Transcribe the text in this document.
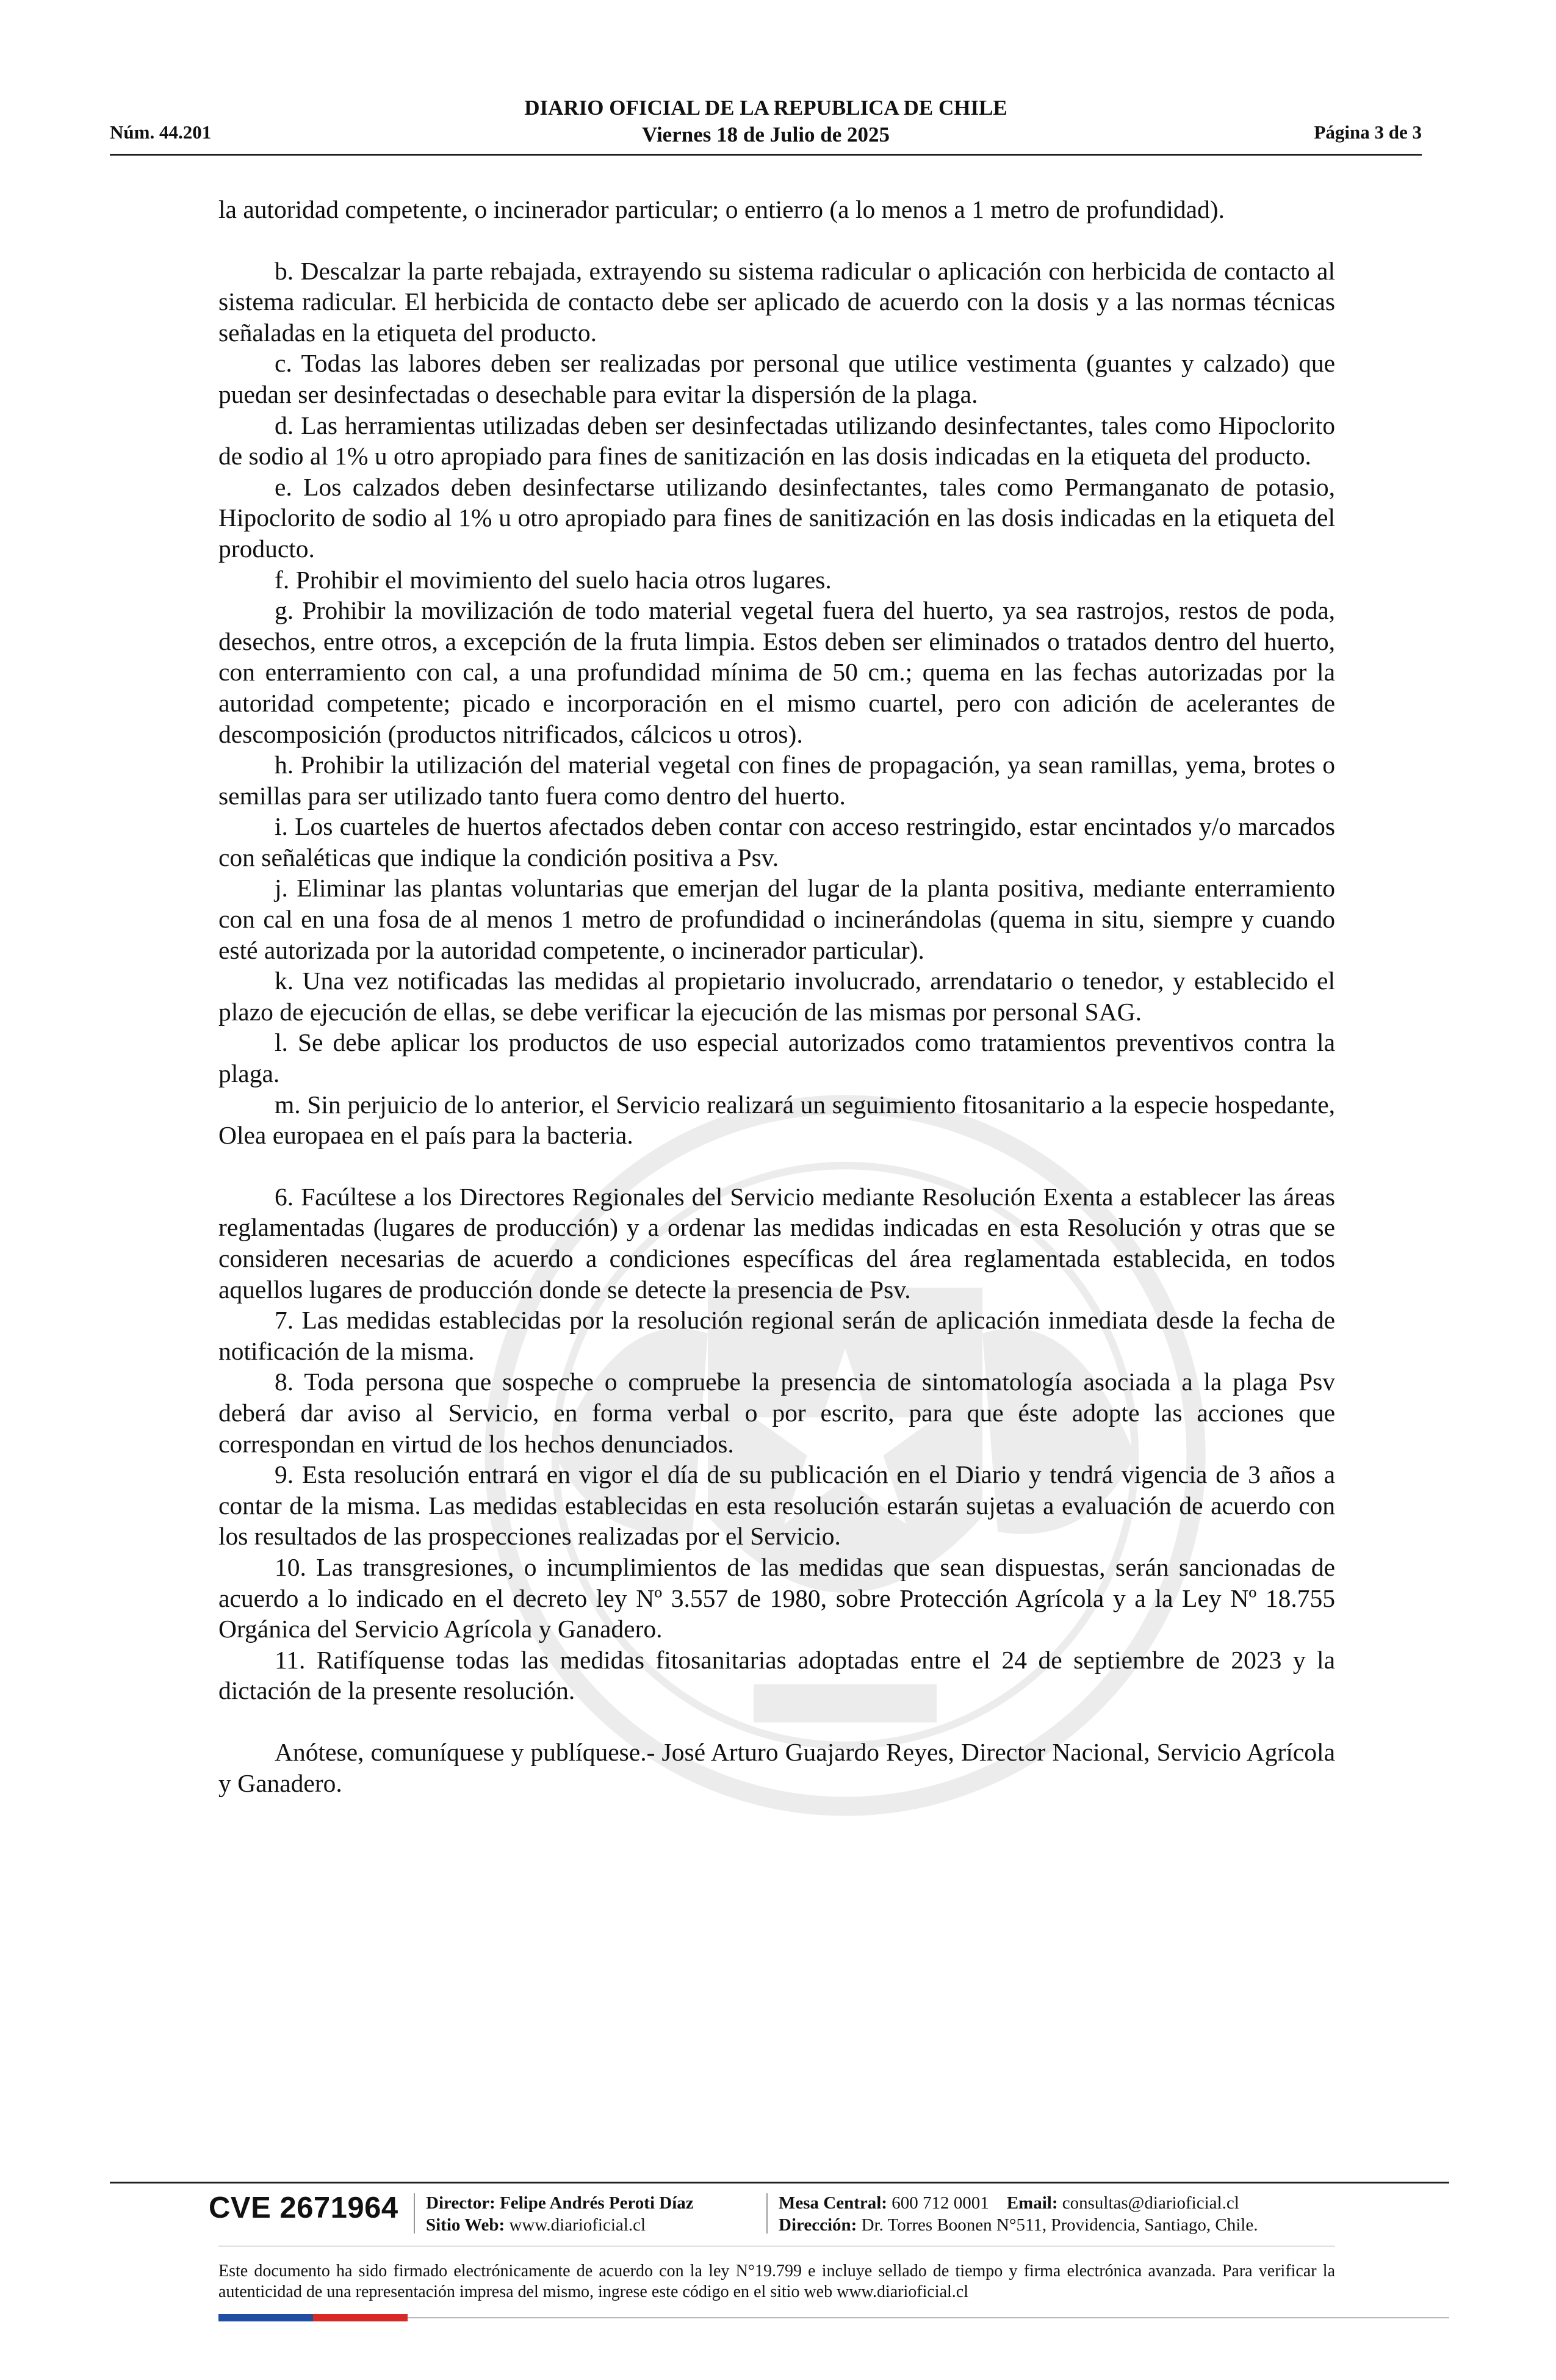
Núm. 44.201
DIARIO OFICIAL DE LA REPUBLICA DE CHILE
Viernes 18 de Julio de 2025	Página 3 de 3

la autoridad competente, o incinerador particular; o entierro (a lo menos a 1 metro de profundidad).

b. Descalzar la parte rebajada, extrayendo su sistema radicular o aplicación con herbicida de contacto al sistema radicular. El herbicida de contacto debe ser aplicado de acuerdo con la dosis y a las normas técnicas señaladas en la etiqueta del producto.

c. Todas las labores deben ser realizadas por personal que utilice vestimenta (guantes y calzado) que puedan ser desinfectadas o desechable para evitar la dispersión de la plaga.

d. Las herramientas utilizadas deben ser desinfectadas utilizando desinfectantes, tales como Hipoclorito de sodio al 1% u otro apropiado para fines de sanitización en las dosis indicadas en la etiqueta del producto.

e. Los calzados deben desinfectarse utilizando desinfectantes, tales como Permanganato de potasio, Hipoclorito de sodio al 1% u otro apropiado para fines de sanitización en las dosis indicadas en la etiqueta del producto.

f. Prohibir el movimiento del suelo hacia otros lugares.

g. Prohibir la movilización de todo material vegetal fuera del huerto, ya sea rastrojos, restos de poda, desechos, entre otros, a excepción de la fruta limpia. Estos deben ser eliminados o tratados dentro del huerto, con enterramiento con cal, a una profundidad mínima de 50 cm.; quema en las fechas autorizadas por la autoridad competente; picado e incorporación en el mismo cuartel, pero con adición de acelerantes de descomposición (productos nitrificados, cálcicos u otros).

h. Prohibir la utilización del material vegetal con fines de propagación, ya sean ramillas, yema, brotes o semillas para ser utilizado tanto fuera como dentro del huerto.

i. Los cuarteles de huertos afectados deben contar con acceso restringido, estar encintados y/o marcados con señaléticas que indique la condición positiva a Psv.

j. Eliminar las plantas voluntarias que emerjan del lugar de la planta positiva, mediante enterramiento con cal en una fosa de al menos 1 metro de profundidad o incinerándolas (quema in situ, siempre y cuando esté autorizada por la autoridad competente, o incinerador particular).

k. Una vez notificadas las medidas al propietario involucrado, arrendatario o tenedor, y establecido el plazo de ejecución de ellas, se debe verificar la ejecución de las mismas por personal SAG.

l. Se debe aplicar los productos de uso especial autorizados como tratamientos preventivos contra la plaga.

m. Sin perjuicio de lo anterior, el Servicio realizará un seguimiento fitosanitario a la especie hospedante, Olea europaea en el país para la bacteria.

6. Facúltese a los Directores Regionales del Servicio mediante Resolución Exenta a establecer las áreas reglamentadas (lugares de producción) y a ordenar las medidas indicadas en esta Resolución y otras que se consideren necesarias de acuerdo a condiciones específicas del área reglamentada establecida, en todos aquellos lugares de producción donde se detecte la presencia de Psv.

7. Las medidas establecidas por la resolución regional serán de aplicación inmediata desde la fecha de notificación de la misma.

8. Toda persona que sospeche o compruebe la presencia de sintomatología asociada a la plaga Psv deberá dar aviso al Servicio, en forma verbal o por escrito, para que éste adopte las acciones que correspondan en virtud de los hechos denunciados.

9. Esta resolución entrará en vigor el día de su publicación en el Diario y tendrá vigencia de 3 años a contar de la misma. Las medidas establecidas en esta resolución estarán sujetas a evaluación de acuerdo con los resultados de las prospecciones realizadas por el Servicio.

10. Las transgresiones, o incumplimientos de las medidas que sean dispuestas, serán sancionadas de acuerdo a lo indicado en el decreto ley Nº 3.557 de 1980, sobre Protección Agrícola y a la Ley Nº 18.755 Orgánica del Servicio Agrícola y Ganadero.

11. Ratifíquense todas las medidas fitosanitarias adoptadas entre el 24 de septiembre de 2023 y la dictación de la presente resolución.

Anótese, comuníquese y publíquese.- José Arturo Guajardo Reyes, Director Nacional, Servicio Agrícola y Ganadero.

CVE 2671964 Director: Felipe Andrés Peroti Díaz
Sitio Web: www.diarioficial.cl
Mesa Central: 600 712 0001 Email: consultas@diarioficial.cl
Dirección: Dr. Torres Boonen N°511, Providencia, Santiago, Chile.
Este documento ha sido firmado electrónicamente de acuerdo con la ley N°19.799 e incluye sellado de tiempo y firma electrónica avanzada. Para verificar la autenticidad de una representación impresa del mismo, ingrese este código en el sitio web www.diarioficial.cl
